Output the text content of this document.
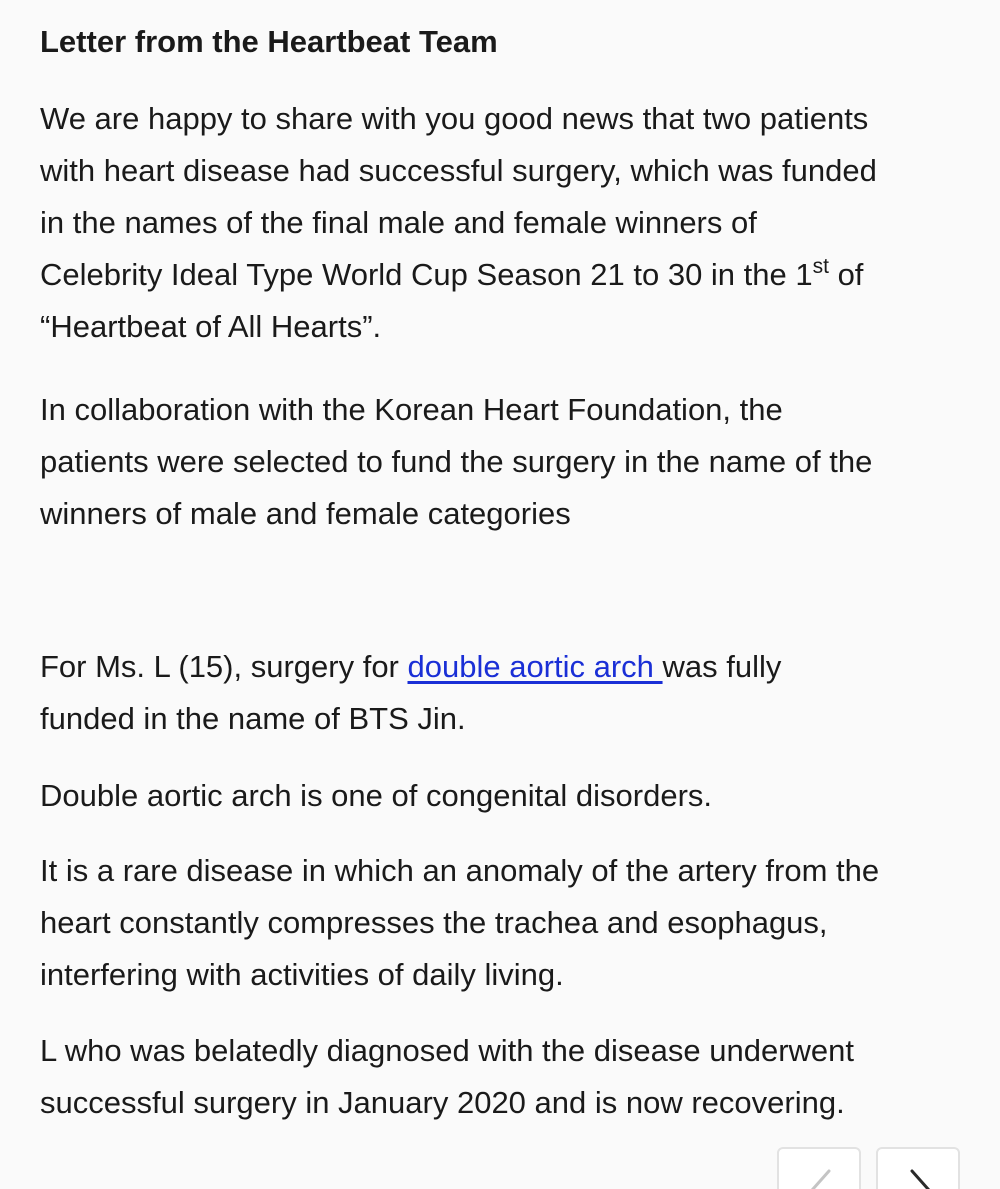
Letter from the Heartbeat Team

We are happy to share with you good news that two patients
with heart disease had successful surgery, which was funded
in the names of the final male and female winners of
Celebrity Ideal Type World Cup Season 21 to 30 in the 1st of
“Heartbeat of All Hearts”.

In collaboration with the Korean Heart Foundation, the
patients were selected to fund the surgery in the name of the
winners of male and female categories

For Ms. L (15), surgery for double aortic arch was fully
funded in the name of BTS Jin.

Double aortic arch is one of congenital disorders.

It is a rare disease in which an anomaly of the artery from the
heart constantly compresses the trachea and esophagus,
interfering with activities of daily living.

L who was belatedly diagnosed with the disease underwent
successful surgery in January 2020 and is now recovering.
